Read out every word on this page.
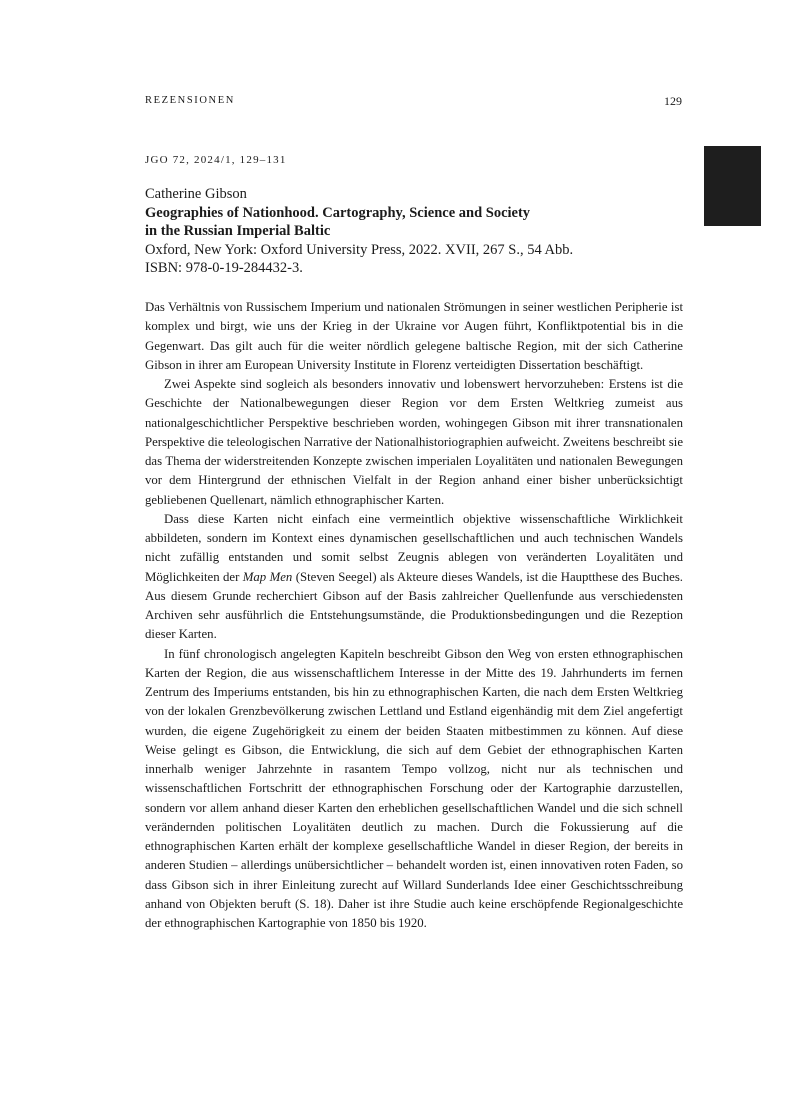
REZENSIONEN	129
JGO 72, 2024/1, 129–131
Catherine Gibson
Geographies of Nationhood. Cartography, Science and Society
in the Russian Imperial Baltic
Oxford, New York: Oxford University Press, 2022. XVII, 267 S., 54 Abb.
ISBN: 978-0-19-284432-3.

Das Verhältnis von Russischem Imperium und nationalen Strömungen in seiner westlichen Peripherie ist komplex und birgt, wie uns der Krieg in der Ukraine vor Augen führt, Konfliktpotential bis in die Gegenwart. Das gilt auch für die weiter nördlich gelegene baltische Region, mit der sich Catherine Gibson in ihrer am European University Institute in Florenz verteidigten Dissertation beschäftigt.

Zwei Aspekte sind sogleich als besonders innovativ und lobenswert hervorzuheben: Erstens ist die Geschichte der Nationalbewegungen dieser Region vor dem Ersten Weltkrieg zumeist aus nationalgeschichtlicher Perspektive beschrieben worden, wohingegen Gibson mit ihrer transnationalen Perspektive die teleologischen Narrative der Nationalhistoriographien aufweicht. Zweitens beschreibt sie das Thema der widerstreitenden Konzepte zwischen imperialen Loyalitäten und nationalen Bewegungen vor dem Hintergrund der ethnischen Vielfalt in der Region anhand einer bisher unberücksichtigt gebliebenen Quellenart, nämlich ethnographischer Karten.

Dass diese Karten nicht einfach eine vermeintlich objektive wissenschaftliche Wirklichkeit abbildeten, sondern im Kontext eines dynamischen gesellschaftlichen und auch technischen Wandels nicht zufällig entstanden und somit selbst Zeugnis ablegen von veränderten Loyalitäten und Möglichkeiten der Map Men (Steven Seegel) als Akteure dieses Wandels, ist die Hauptthese des Buches. Aus diesem Grunde recherchiert Gibson auf der Basis zahlreicher Quellenfunde aus verschiedensten Archiven sehr ausführlich die Entstehungsumstände, die Produktionsbedingungen und die Rezeption dieser Karten.

In fünf chronologisch angelegten Kapiteln beschreibt Gibson den Weg von ersten ethnographischen Karten der Region, die aus wissenschaftlichem Interesse in der Mitte des 19. Jahrhunderts im fernen Zentrum des Imperiums entstanden, bis hin zu ethnographischen Karten, die nach dem Ersten Weltkrieg von der lokalen Grenzbevölkerung zwischen Lettland und Estland eigenhändig mit dem Ziel angefertigt wurden, die eigene Zugehörigkeit zu einem der beiden Staaten mitbestimmen zu können. Auf diese Weise gelingt es Gibson, die Entwicklung, die sich auf dem Gebiet der ethnographischen Karten innerhalb weniger Jahrzehnte in rasantem Tempo vollzog, nicht nur als technischen und wissenschaftlichen Fortschritt der ethnographischen Forschung oder der Kartographie darzustellen, sondern vor allem anhand dieser Karten den erheblichen gesellschaftlichen Wandel und die sich schnell verändernden politischen Loyalitäten deutlich zu machen. Durch die Fokussierung auf die ethnographischen Karten erhält der komplexe gesellschaftliche Wandel in dieser Region, der bereits in anderen Studien – allerdings unübersichtlicher – behandelt worden ist, einen innovativen roten Faden, so dass Gibson sich in ihrer Einleitung zurecht auf Willard Sunderlands Idee einer Geschichtsschreibung anhand von Objekten beruft (S. 18). Daher ist ihre Studie auch keine erschöpfende Regionalgeschichte der ethnographischen Kartographie von 1850 bis 1920.
